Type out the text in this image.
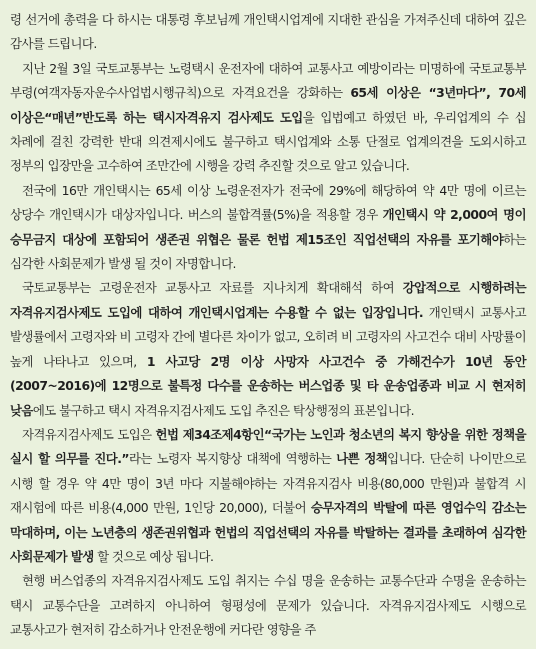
령 선거에 총력을 다 하시는 대통령 후보님께 개인택시업계에 지대한 관심을 가져주신데 대하여 깊은 감사를 드립니다.

지난 2월 3일 국토교통부는 노령택시 운전자에 대하여 교통사고 예방이라는 미명하에 국토교통부 부령(여객자동자운수사업법시행규칙)으로 자격요건을 강화하는 65세 이상은 “3년마다”, 70세 이상은“매년”반도록 하는 택시자격유지 검사제도 도입을 입법예고 하였던 바, 우리업계의 수 십 차례에 걸친 강력한 반대 의견제시에도 불구하고 택시업계와 소통 단절로 업계의견을 도외시하고 정부의 입장만을 고수하여 조만간에 시행을 강력 추진할 것으로 알고 있습니다.

전국에 16만 개인택시는 65세 이상 노령운전자가 전국에 29%에 해당하여 약 4만 명에 이르는 상당수 개인택시가 대상자입니다. 버스의 불합격률(5%)을 적용할 경우 개인택시 약 2,000여 명이 승무금지 대상에 포함되어 생존권 위협은 물론 헌법 제15조인 직업선택의 자유를 포기해야하는 심각한 사회문제가 발생 될 것이 자명합니다.

국토교통부는 고령운전자 교통사고 자료를 지나치게 확대해석 하여 강압적으로 시행하려는 자격유지검사제도 도입에 대하여 개인택시업계는 수용할 수 없는 입장입니다. 개인택시 교통사고 발생률에서 고령자와 비 고령자 간에 별다른 차이가 없고, 오히려 비 고령자의 사고건수 대비 사망률이 높게 나타나고 있으며, 1 사고당 2명 이상 사망자 사고건수 중 가해건수가 10년 동안(2007~2016)에 12명으로 불특정 다수를 운송하는 버스업종 및 타 운송업종과 비교 시 현저히 낮음에도 불구하고 택시 자격유지검사제도 도입 추진은 탁상행정의 표본입니다.

자격유지검사제도 도입은 헌법 제34조제4항인“국가는 노인과 청소년의 복지 향상을 위한 정책을 실시 할 의무를 진다.”라는 노령자 복지향상 대책에 역행하는 나쁜 정책입니다. 단순히 나이만으로 시행 할 경우 약 4만 명이 3년 마다 지불해야하는 자격유지검사 비용(80,000 만원)과 불합격 시 재시험에 따른 비용(4,000 만원, 1인당 20,000), 더불어 승무자격의 박탈에 따른 영업수익 감소는 막대하며, 이는 노년층의 생존권위협과 헌법의 직업선택의 자유를 박탈하는 결과를 초래하여 심각한 사회문제가 발생 할 것으로 예상 됩니다.

현행 버스업종의 자격유지검사제도 도입 취지는 수십 명을 운송하는 교통수단과 수명을 운송하는 택시 교통수단을 고려하지 아니하여 형평성에 문제가 있습니다. 자격유지검사제도 시행으로 교통사고가 현저히 감소하거나 안전운행에 커다란 영향을 주
